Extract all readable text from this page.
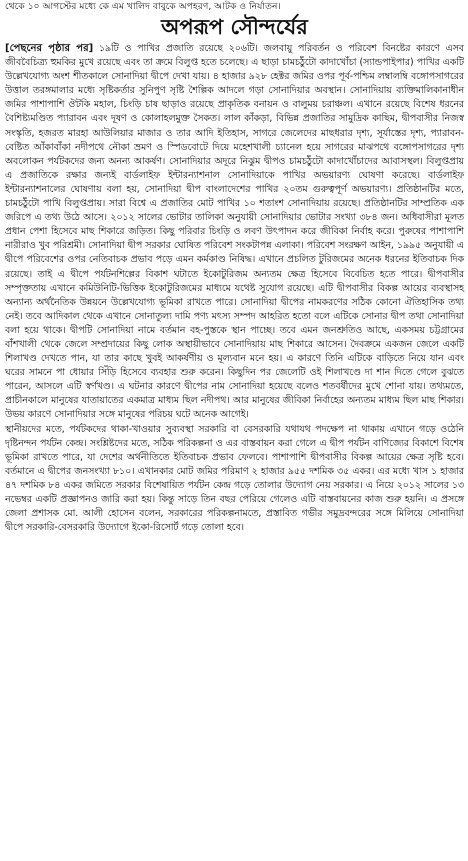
থেকে ১০ আগস্টের মধ্যে কে এম খালিদ বাবুকে অপহরণ, আটক ও নির্যাতন।
অপরূপ সৌন্দর্যের

[পেছনের পৃষ্ঠার পর] ১৯টি ও পাখির প্রজাতি রয়েছে ২০৬টি। জলবায়ু পরিবর্তন ও পরিবেশ বিনষ্টের কারণে এসব জীববৈচিত্র্য হুমকির মুখে রয়েছে এবং তা ক্রমে বিলুপ্ত হতে চলেছে। এ ছাড়া চামচঠুঁটো কাদাখোঁচা (স্যান্ডপাইপার) পাখির একটি উল্লেখযোগ্য অংশ শীতকালে সোনাদিয়া দ্বীপে দেখা যায়। ৪ হাজার ৯২৮ হেক্টর জমির ওপর পূর্ব-পশ্চিম লম্বালম্বি বঙ্গোপসাগরের উত্তাল তরঙ্গমালার মধ্যে সৃষ্টিকর্তার সুনিপুণ সৃষ্টি শৈল্পিক আদলে গড়া সোনাদিয়ার অবস্থান। সোনাদিয়ায় ব্যক্তিমালিকানাধীন জমির পাশাপাশি ঔটকি মহাল, চিংড়ি চাষ ছাড়াও রয়েছে প্রাকৃতিক বনায়ন ও বালুময় চরাঞ্চল। এখানে রয়েছে বিশেষ ধরনের বৈশিষ্ট্যমণ্ডিত প্যারাবন এবং দূষণ ও কোলাহলমুক্ত সৈকত। লাল কাঁকড়া, বিভিন্ন প্রজাতির সামুদ্রিক কাছিম, দ্বীপবাসীর নিজস্ব সংস্কৃতি, হজরত মারহা আউলিয়ার মাজার ও তার আদি ইতিহাস, সাগরে জেলেদের মাছধরার দৃশ্য, সূর্যাস্তের দৃশ্য, প্যারাবন-বেষ্টিত আঁকাবাঁকা নদীপথে নৌকা ভ্রমণ ও স্পিডবোটে দিয়ে মহেশখালী চ্যানেল হয়ে সাগরের মাঝপথে বঙ্গোপসাগরের দৃশ্য অবলোকন পর্যটকদের জন্য অনন্য আকর্ষণ। সোনাদিয়ার অদূরে নিঝুম দ্বীপও চামচঠুঁটো কাদাখোঁচাদের আবাসস্থল। বিলুপ্তপ্রায় এ প্রজাতিকে রক্ষার জন্যই বার্ডলাইফ ইন্টারন্যাশনাল সোনাদিয়াকে পাখির অভয়ারণ্য ঘোষণা করেছে। বার্ডলাইফ ইন্টারন্যাশনালের ঘোষণায় বলা হয়, সোনাদিয়া দ্বীপ বাংলাদেশের পাখির ২০তম গুরুত্বপূর্ণ অভয়ারণ্য। প্রতিষ্ঠানটির মতে, চামচঠুঁটো পাখি বিলুপ্তপ্রায়। সারা বিশ্বে এ প্রজাতির মোট পাখির ১০ শতাংশ সোনাদিয়ায় রয়েছে। প্রতিষ্ঠানটির সাম্প্রতিক এক জরিপে এ তথ্য উঠে আসে। ২০১২ সালের ভোটার তালিকা অনুযায়ী সোনাদিয়ার ভোটার সংখ্যা ৩৮৪ জন। অধিবাসীরা মূলত প্রধান পেশা হিসেবে মাছ শিকারে জড়িত। কিছু পরিবার চিংড়ি ও লবণ উৎপাদন করে জীবিকা নির্বাহ করে। পুরুষের পাশাপাশি নারীরাও খুব পরিশ্রমী। সোনাদিয়া দ্বীপ সরকার ঘোষিত পরিবেশ সংকটাপন্ন এলাকা। পরিবেশ সংরক্ষণ আইন, ১৯৯৫ অনুযায়ী এ দ্বীপে পরিবেশের ওপর নেতিবাচক প্রভাব পড়ে এমন কর্মকাণ্ড নিষিদ্ধ। এখানে প্রচলিত টুরিজমের অনেক ধরনের ইতিবাচক দিক রয়েছে। তাই এ দ্বীপে পর্যটনশিল্পের বিকাশ ঘটাতে ইকোটুরিজম অন্যতম ক্ষেত্র হিসেবে বিবেচিত হতে পারে। দ্বীপবাসীর সম্পৃক্ততায় এখানে কমিউনিটি-ভিত্তিক ইকোটুরিজমের মাধ্যমে যথেষ্ট সুযোগ রয়েছে। এটি দ্বীপবাসীর বিকল্প আয়ের ব্যবস্থাসহ অন্যান্য অর্থনৈতিক উন্নয়নে উল্লেখযোগ্য ভূমিকা রাখতে পারে। সোনাদিয়া দ্বীপের নামকরণের সঠিক কোনো ঐতিহাসিক তথ্য নেই। তবে আদিকাল থেকে এখানে সোনাতুল্য দামি পণ্য মৎস্য সম্পদ আহরিত হতো বলে এটিকে সোনার দ্বীপ তথা সোনাদিয়া বলা হয়ে থাকে। দ্বীপটি সোনাদিয়া নামে বর্তমান বহ-পুস্তকে স্থান পাচ্ছে। তবে এমন জনশ্রুতিও আছে, একসময় চট্টগ্রামের বাঁশখালী থেকে জেলে সম্প্রদায়ের কিছু লোক অস্থায়ীভাবে সোনাদিয়ায় মাছ শিকারে আসেন। দৈবক্রমে একজন জেলে একটি শিলাখণ্ড দেখতে পান, যা তার কাছে খুবই আকর্ষণীয় ও মূল্যবান মনে হয়। এ কারণে তিনি এটিকে বাড়িতে নিয়ে যান এবং ঘরের সামনে পা ধোয়ার সিঁড়ি হিসেবে ব্যবহার শুরু করেন। কিছুদিন পর জেলেটি ওই শিলাখণ্ডে দা শান দিতে গেলে বুঝতে পারেন, আসলে এটি স্বর্ণখণ্ড। এ ঘটনার কারণে দ্বীপের নাম সোনাদিয়া হয়েছে বলেও শতবর্ষীদের মুখে শোনা যায়। তথ্যমতে, প্রাচীনকালে মানুষের যাতায়াতের একমাত্র মাধ্যম ছিল নদীপথ। আর মানুষের জীবিকা নির্বাহের অন্যতম মাধ্যম ছিল মাছ শিকার। উভয় কারণে সোনাদিয়ার সঙ্গে মানুষের পরিচয় ঘটে অনেক আগেই।

স্থানীয়দের মতে, পর্যটকদের থাকা-খাওয়ার সুব্যবস্থা সরকারি বা বেসরকারি যথাযথ পদক্ষেপ না থাকায় এখানে গড়ে ওঠেনি দৃষ্টিনন্দন পর্যটন কেন্দ্র। সংশ্লিষ্টদের মতে, সঠিক পরিকল্পনা ও এর বাস্তবায়ন করা গেলে এ দ্বীপ পর্যটন বাণিজ্যের বিকাশে বিশেষ ভূমিকা রাখতে পারে, যা দেশের অর্থনীতিতে ইতিবাচক প্রভাব ফেলবে। পাশাপাশি দ্বীপবাসীর বিকল্প আয়ের ক্ষেত্র সৃষ্টি হবে। বর্তমানে এ দ্বীপের জনসংখ্যা ৮১০। এখানকার মোট জমির পরিমাণ ২ হাজার ৯৫৫ দশমিক ৩৫ একর। এর মধ্যে খাস ১ হাজার ৪৭ দশমিক ৮৪ একর জমিতে সরকার বিশেষায়িত পর্যটন কেন্দ্র গড়ে তোলার উদ্যোগ নেয় সরকার। এ নিয়ে ২০১২ সালের ১৩ নভেম্বর একটি প্রজ্ঞাপনও জারি করা হয়। কিন্তু সাড়ে তিন বছর পেরিয়ে গেলেও এটি বাস্তবায়নের কাজ শুরু হয়নি। এ প্রসঙ্গে জেলা প্রশাসক মো. আলী হোসেন বলেন, সরকারের পরিকল্পনামতে, প্রস্তাবিত গভীর সমুদ্রবন্দরের সঙ্গে মিলিয়ে সোনাদিয়া দ্বীপে সরকারি-বেসরকারি উদ্যোগে ইকো-রিসোর্ট গড়ে তোলা হবে।
